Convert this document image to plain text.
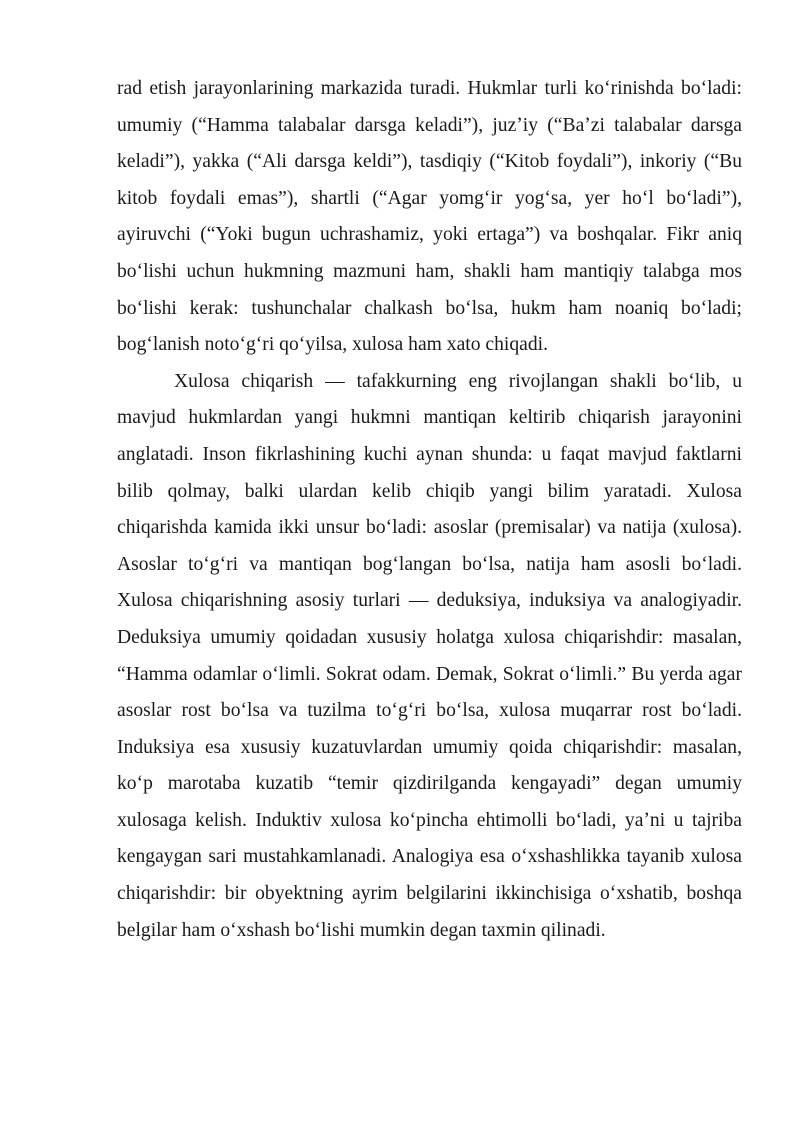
rad etish jarayonlarining markazida turadi. Hukmlar turli koʻrinishda boʻladi: umumiy (“Hamma talabalar darsga keladi”), juzʼiy (“Baʼzi talabalar darsga keladi”), yakka (“Ali darsga keldi”), tasdiqiy (“Kitob foydali”), inkoriy (“Bu kitob foydali emas”), shartli (“Agar yomgʻir yogʻsa, yer hoʻl boʻladi”), ayiruvchi (“Yoki bugun uchrashamiz, yoki ertaga”) va boshqalar. Fikr aniq boʻlishi uchun hukmning mazmuni ham, shakli ham mantiqiy talabga mos boʻlishi kerak: tushunchalar chalkash boʻlsa, hukm ham noaniq boʻladi; bogʻlanish notoʻgʻri qoʻyilsa, xulosa ham xato chiqadi.

Xulosa chiqarish — tafakkurning eng rivojlangan shakli boʻlib, u mavjud hukmlardan yangi hukmni mantiqan keltirib chiqarish jarayonini anglatadi. Inson fikrlashining kuchi aynan shunda: u faqat mavjud faktlarni bilib qolmay, balki ulardan kelib chiqib yangi bilim yaratadi. Xulosa chiqarishda kamida ikki unsur boʻladi: asoslar (premisalar) va natija (xulosa). Asoslar toʻgʻri va mantiqan bogʻlangan boʻlsa, natija ham asosli boʻladi. Xulosa chiqarishning asosiy turlari — deduksiya, induksiya va analogiyadir. Deduksiya umumiy qoidadan xususiy holatga xulosa chiqarishdir: masalan, “Hamma odamlar oʻlimli. Sokrat odam. Demak, Sokrat oʻlimli.” Bu yerda agar asoslar rost boʻlsa va tuzilma toʻgʻri boʻlsa, xulosa muqarrar rost boʻladi. Induksiya esa xususiy kuzatuvlardan umumiy qoida chiqarishdir: masalan, koʻp marotaba kuzatib “temir qizdirilganda kengayadi” degan umumiy xulosaga kelish. Induktiv xulosa koʻpincha ehtimolli boʻladi, yaʼni u tajriba kengaygan sari mustahkamlanadi. Analogiya esa oʻxshashlikka tayanib xulosa chiqarishdir: bir obyektning ayrim belgilarini ikkinchisiga oʻxshatib, boshqa belgilar ham oʻxshash boʻlishi mumkin degan taxmin qilinadi.
